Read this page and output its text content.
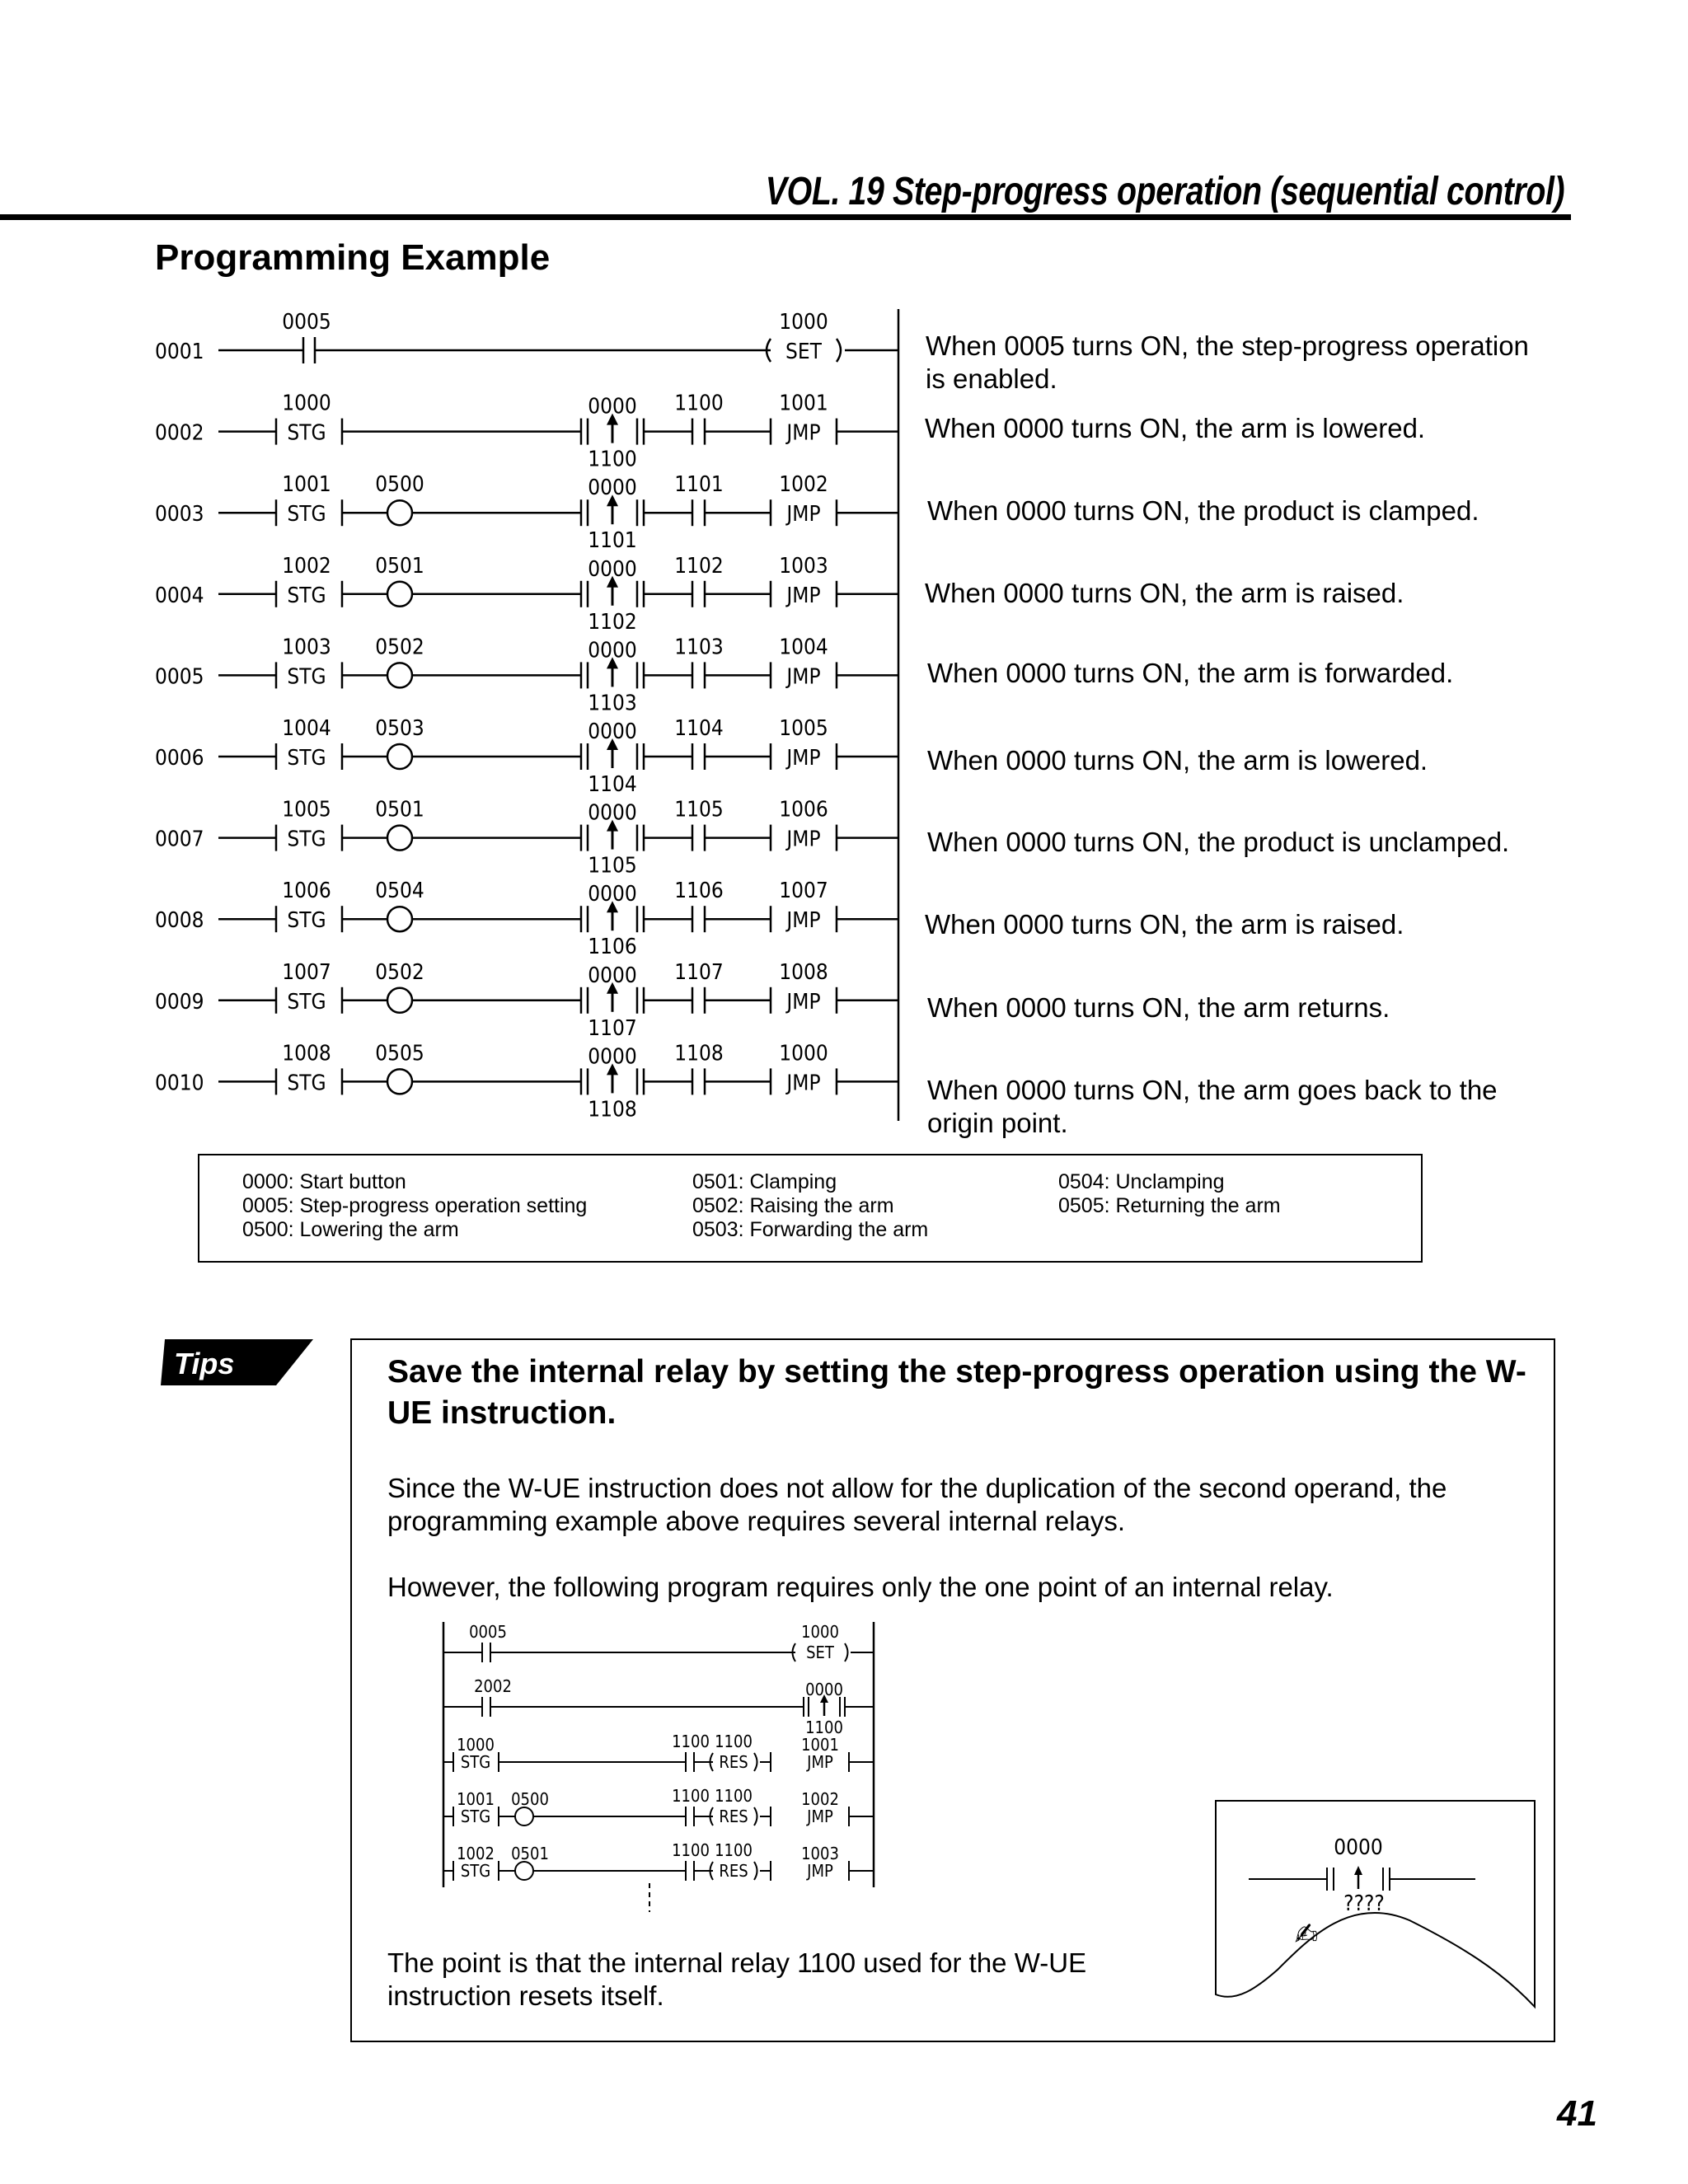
VOL. 19 Step-progress operation (sequential control)
Programming Example
0001
0005
SET
1000
0002	STG
1000	0000
1100
1100
JMP
1001
0003	STG
1001 0500	0000
1101
1101
JMP
1002
0004	STG
1002 0501	0000
1102
1102
JMP
1003
0005	STG
1003 0502	0000
1103
1103
JMP
1004
0006	STG
1004 0503	0000
1104
1104
JMP
1005
0007	STG
1005 0501	0000
1105
1105
JMP
1006
0008	STG
1006 0504	0000
1106
1106
JMP
1007
0009	STG
1007 0502	0000
1107
1107
JMP
1008
0010	STG
1008 0505	0000
1108
1108
JMP
1000
When 0005 turns ON, the step-progress operation
is enabled.
When 0000 turns ON, the arm is lowered.
When 0000 turns ON, the product is clamped.
When 0000 turns ON, the arm is raised.
When 0000 turns ON, the arm is forwarded.
When 0000 turns ON, the arm is lowered.
When 0000 turns ON, the product is unclamped.
When 0000 turns ON, the arm is raised.
When 0000 turns ON, the arm returns.
When 0000 turns ON, the arm goes back to the
origin point.
0000: Start button
0005: Step-progress operation setting
0500: Lowering the arm
0501: Clamping
0502: Raising the arm
0503: Forwarding the arm
0504: Unclamping
0505: Returning the arm
Tips	Save the internal relay by setting the step-progress operation using the W-
UE instruction.
Since the W-UE instruction does not allow for the duplication of the second operand, the
programming example above requires several internal relays.
However, the following program requires only the one point of an internal relay.
0005
SET
1000
2002	0000
1100
STG
1000	1100
RES
1100
JMP
1001
STG
1001 0500	1100
RES
1100
JMP
1002
STG
1002 0501	1100
RES
1100
JMP
1003
The point is that the internal relay 1100 used for the W-UE
instruction resets itself.
0000
????
✍
41
